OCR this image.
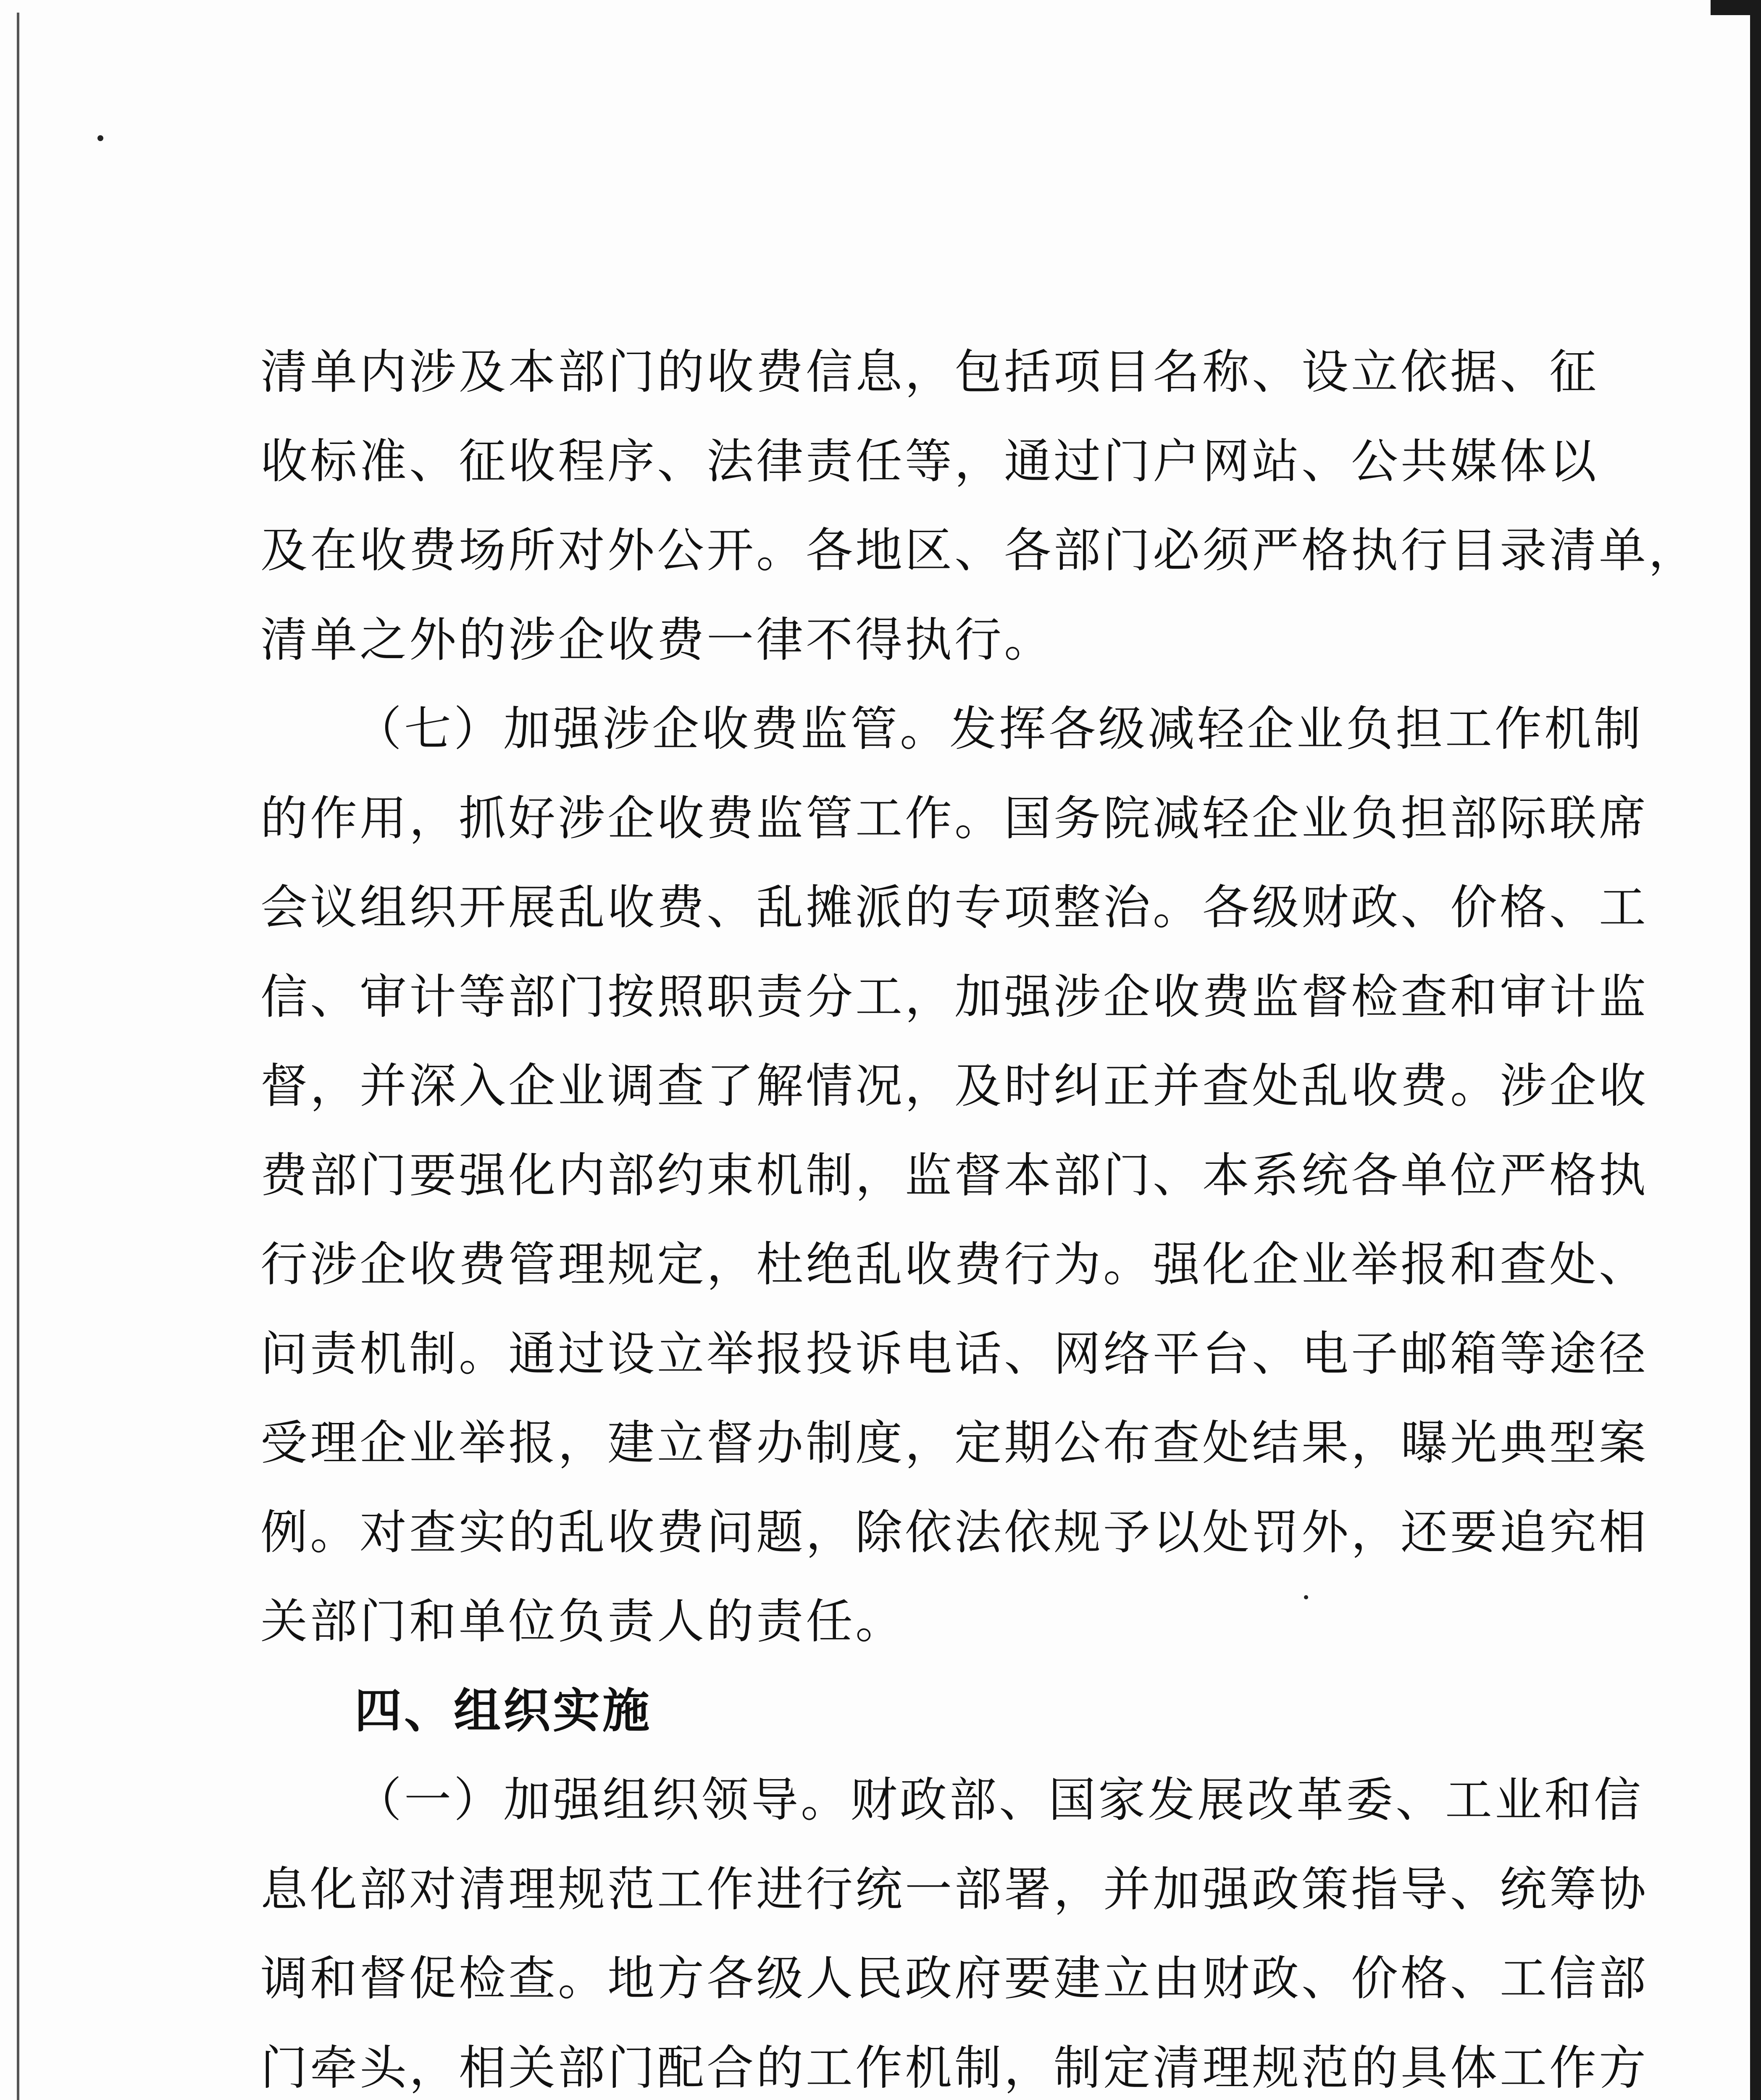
清单内涉及本部门的收费信息，包括项目名称、设立依据、征
收标准、征收程序、法律责任等，通过门户网站、公共媒体以
及在收费场所对外公开。各地区、各部门必须严格执行目录清单，
清单之外的涉企收费一律不得执行。
（七）加强涉企收费监管。发挥各级减轻企业负担工作机制
的作用，抓好涉企收费监管工作。国务院减轻企业负担部际联席
会议组织开展乱收费、乱摊派的专项整治。各级财政、价格、工
信、审计等部门按照职责分工，加强涉企收费监督检查和审计监
督，并深入企业调查了解情况，及时纠正并查处乱收费。涉企收
费部门要强化内部约束机制，监督本部门、本系统各单位严格执
行涉企收费管理规定，杜绝乱收费行为。强化企业举报和查处、
问责机制。通过设立举报投诉电话、网络平台、电子邮箱等途径
受理企业举报，建立督办制度，定期公布查处结果，曝光典型案
例。对查实的乱收费问题，除依法依规予以处罚外，还要追究相
关部门和单位负责人的责任。
四、组织实施
（一）加强组织领导。财政部、国家发展改革委、工业和信
息化部对清理规范工作进行统一部署，并加强政策指导、统筹协
调和督促检查。地方各级人民政府要建立由财政、价格、工信部
门牵头，相关部门配合的工作机制，制定清理规范的具体工作方
